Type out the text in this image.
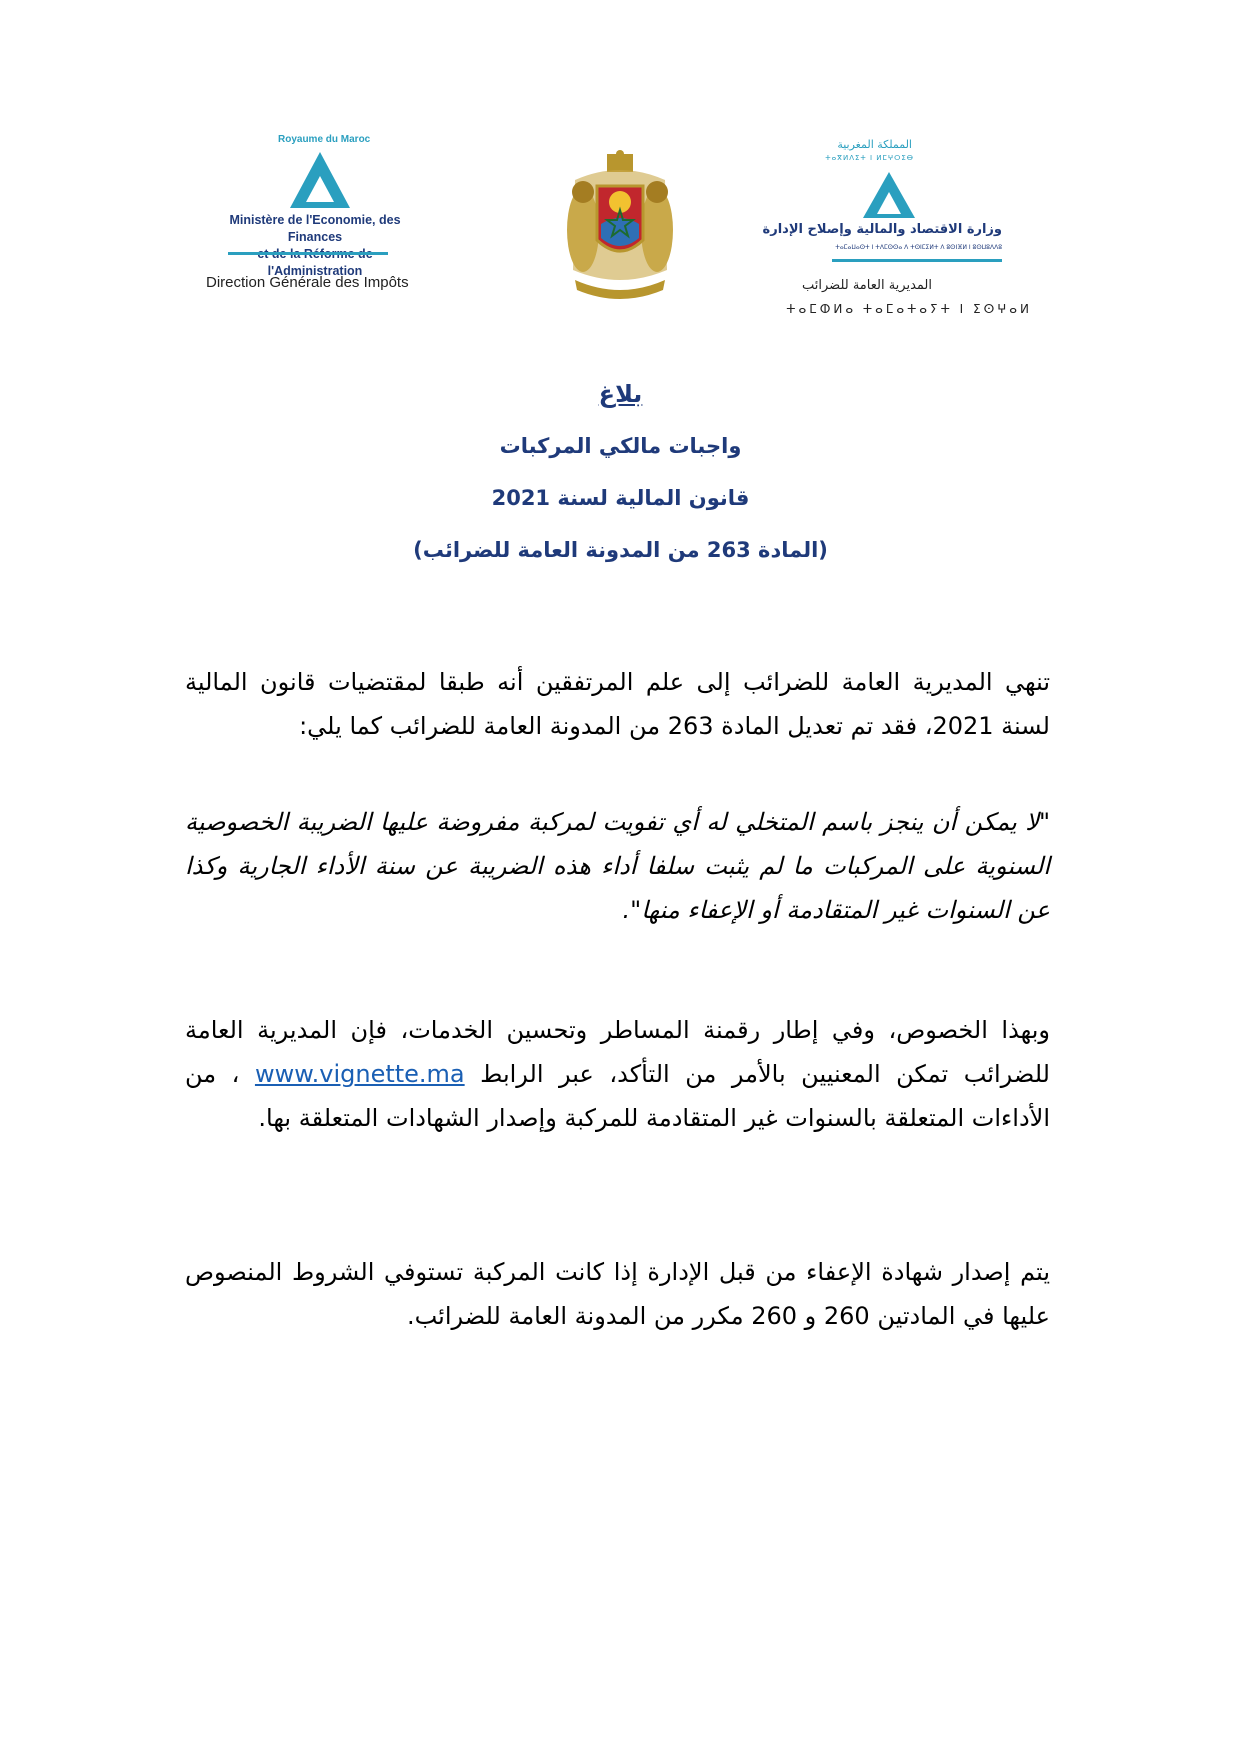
Royaume du Maroc
Ministère de l'Economie, des Finances
l'Administration
Direction Générale des Impôts
المملكة المغربية
ⵜⴰⴳⵍⴷⵉⵜ ⵏ ⵍⵎⵖⵔⵉⴱ
وزارة الاقتصاد والمالية وإصلاح الإدارة
ⵜⴰⵎⴰⵡⴰⵙⵜ ⵏ ⵜⴷⵎⵙⵙⴰ ⴷ ⵜⵙⵏⵎⵉⵍⵜ ⴷ ⵓⵙⵏⴼⵍ ⵏ ⵓⵙⵡⵓⴷⴷⵓ
المديرية العامة للضرائب
ⵜⴰⵎⵀⵍⴰ ⵜⴰⵎⴰⵜⴰⵢⵜ ⵏ ⵉⵙⵖⴰⵍ
بلاغ
واجبات مالكي المركبات
قانون المالية لسنة 2021
(المادة 263 من المدونة العامة للضرائب)
تنهي المديرية العامة للضرائب إلى علم المرتفقين أنه طبقا لمقتضيات قانون المالية لسنة 2021، فقد تم تعديل المادة 263 من المدونة العامة للضرائب كما يلي:
"لا يمكن أن ينجز باسم المتخلي له أي تفويت لمركبة مفروضة عليها الضريبة الخصوصية السنوية على المركبات ما لم يثبت سلفا أداء هذه الضريبة عن سنة الأداء الجارية وكذا عن السنوات غير المتقادمة أو الإعفاء منها".
وبهذا الخصوص، وفي إطار رقمنة المساطر وتحسين الخدمات، فإن المديرية العامة للضرائب تمكن المعنيين بالأمر من التأكد، عبر الرابط www.vignette.ma ، من الأداءات المتعلقة بالسنوات غير المتقادمة للمركبة وإصدار الشهادات المتعلقة بها.
يتم إصدار شهادة الإعفاء من قبل الإدارة إذا كانت المركبة تستوفي الشروط المنصوص عليها في المادتين 260 و 260 مكرر من المدونة العامة للضرائب.
